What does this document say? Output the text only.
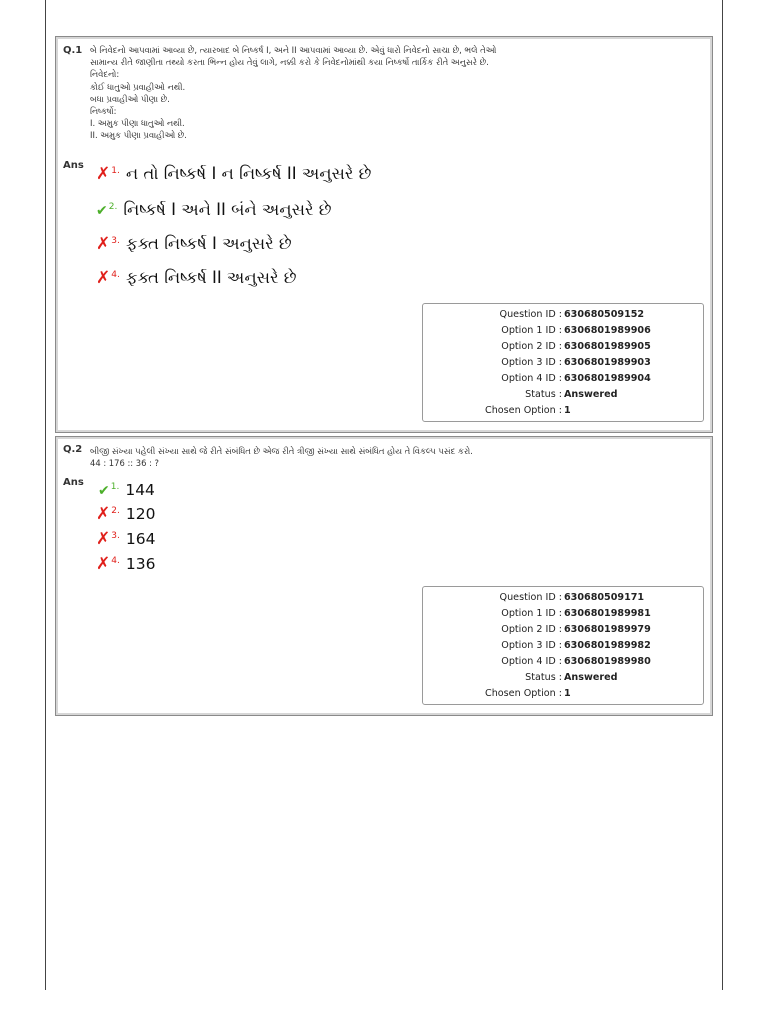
Q.1 બે નિવેદનો આપવામાં આવ્યા છે, ત્યારબાદ બે નિષ્કર્ષ I, અને II આપવામાં આવ્યા છે. એવું ધારો નિવેદનો સાચા છે, ભલે તેઓ
સામાન્ય રીતે જાણીતા તથ્યો કરતા ભિન્ન હોય તેવું લાગે, નક્કી કરો કે નિવેદનોમાંથી કયા નિષ્કર્ષો તાર્કિક રીતે અનુસરે છે.
નિવેદનો:
કોઈ ધાતુઓ પ્રવાહીઓ નથી.
બધા પ્રવાહીઓ પીણા છે.
નિષ્કર્ષો:
I. અમુક પીણા ધાતુઓ નથી.
II. અમુક પીણા પ્રવાહીઓ છે.
Ans ✗ 1. ન તો નિષ્કર્ષ I ન નિષ્કર્ષ II અનુસરે છે
✔ 2. નિષ્કર્ષ I અને II બંને અનુસરે છે
✗ 3. ફક્ત નિષ્કર્ષ I અનુસરે છે
✗ 4. ફક્ત નિષ્કર્ષ II અનુસરે છે
Question ID : 630680509152
Option 1 ID : 6306801989906
Option 2 ID : 6306801989905
Option 3 ID : 6306801989903
Option 4 ID : 6306801989904
Status : Answered
Chosen Option : 1
Q.2 બીજી સંખ્યા પહેલી સંખ્યા સાથે જે રીતે સંબંધિત છે એજ રીતે ત્રીજી સંખ્યા સાથે સંબંધિત હોય તે વિકલ્પ પસંદ કરો.
44 : 176 :: 36 : ?
Ans
✔ 1. 144
✗ 2. 120
✗ 3. 164
✗ 4. 136
Question ID : 630680509171
Option 1 ID : 6306801989981
Option 2 ID : 6306801989979
Option 3 ID : 6306801989982
Option 4 ID : 6306801989980
Status : Answered
Chosen Option : 1
